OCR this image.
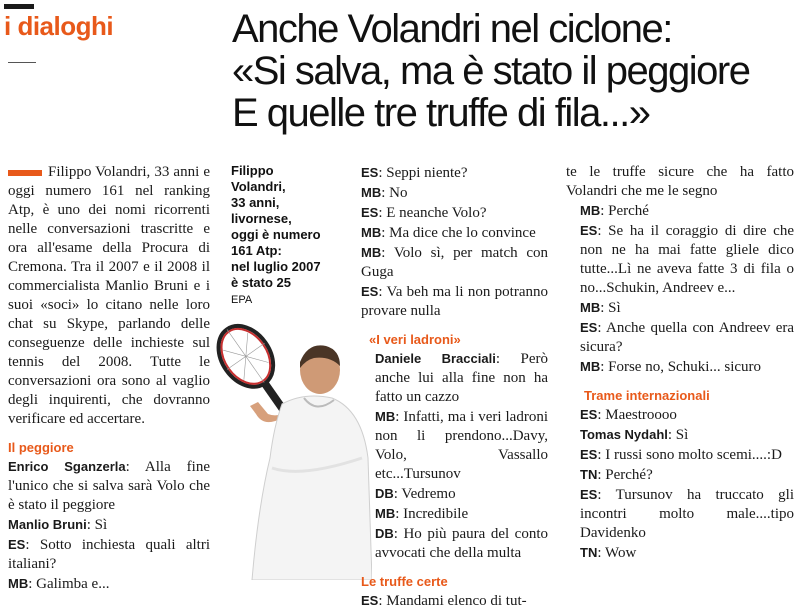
i dialoghi	Anche Volandri nel ciclone:
«Si salva, ma è stato il peggiore
E quelle tre truffe di fila...»

Filippo Volandri, 33 anni e oggi numero 161 nel ranking Atp, è uno dei nomi ricorrenti nelle conversazioni trascritte e ora all'esame della Procura di Cremona. Tra il 2007 e il 2008 il commercialista Manlio Bruni e i suoi «soci» lo citano nelle loro chat su Skype, parlando delle conseguenze delle inchieste sul tennis del 2008. Tutte le conversazioni ora sono al vaglio degli inquirenti, che dovranno verificare ed accertare.

Il peggiore

Enrico Sganzerla: Alla fine l'unico che si salva sarà Volo che è stato il peggiore

Manlio Bruni: Sì

ES: Sotto inchiesta quali altri italiani?

MB: Galimba e...

Filippo
Volandri,
33 anni,
livornese,
oggi è numero
161 Atp:
nel luglio 2007
è stato 25
EPA

ES: Seppi niente?

MB: No

ES: E neanche Volo?

MB: Ma dice che lo convince

MB: Volo sì, per match con Guga

ES: Va beh ma li non potranno provare nulla

«I veri ladroni»

Daniele Bracciali: Però anche lui alla fine non ha fatto un cazzo

MB: Infatti, ma i veri ladroni non li prendono...Davy, Volo, Vassallo etc...Tursunov

DB: Vedremo

MB: Incredibile

DB: Ho più paura del conto avvocati che della multa

Le truffe certe

ES: Mandami elenco di tut-

te le truffe sicure che ha fatto Volandri che me le segno

MB: Perché

ES: Se ha il coraggio di dire che non ne ha mai fatte gliele dico tutte...Lì ne aveva fatte 3 di fila o no...Schukin, Andreev e...

MB: Sì

ES: Anche quella con Andreev era sicura?

MB: Forse no, Schuki... sicuro

Trame internazionali

ES: Maestroooo

Tomas Nydahl: Sì

ES: I russi sono molto scemi....:D

TN: Perché?

ES: Tursunov ha truccato gli incontri molto male....tipo Davidenko

TN: Wow
